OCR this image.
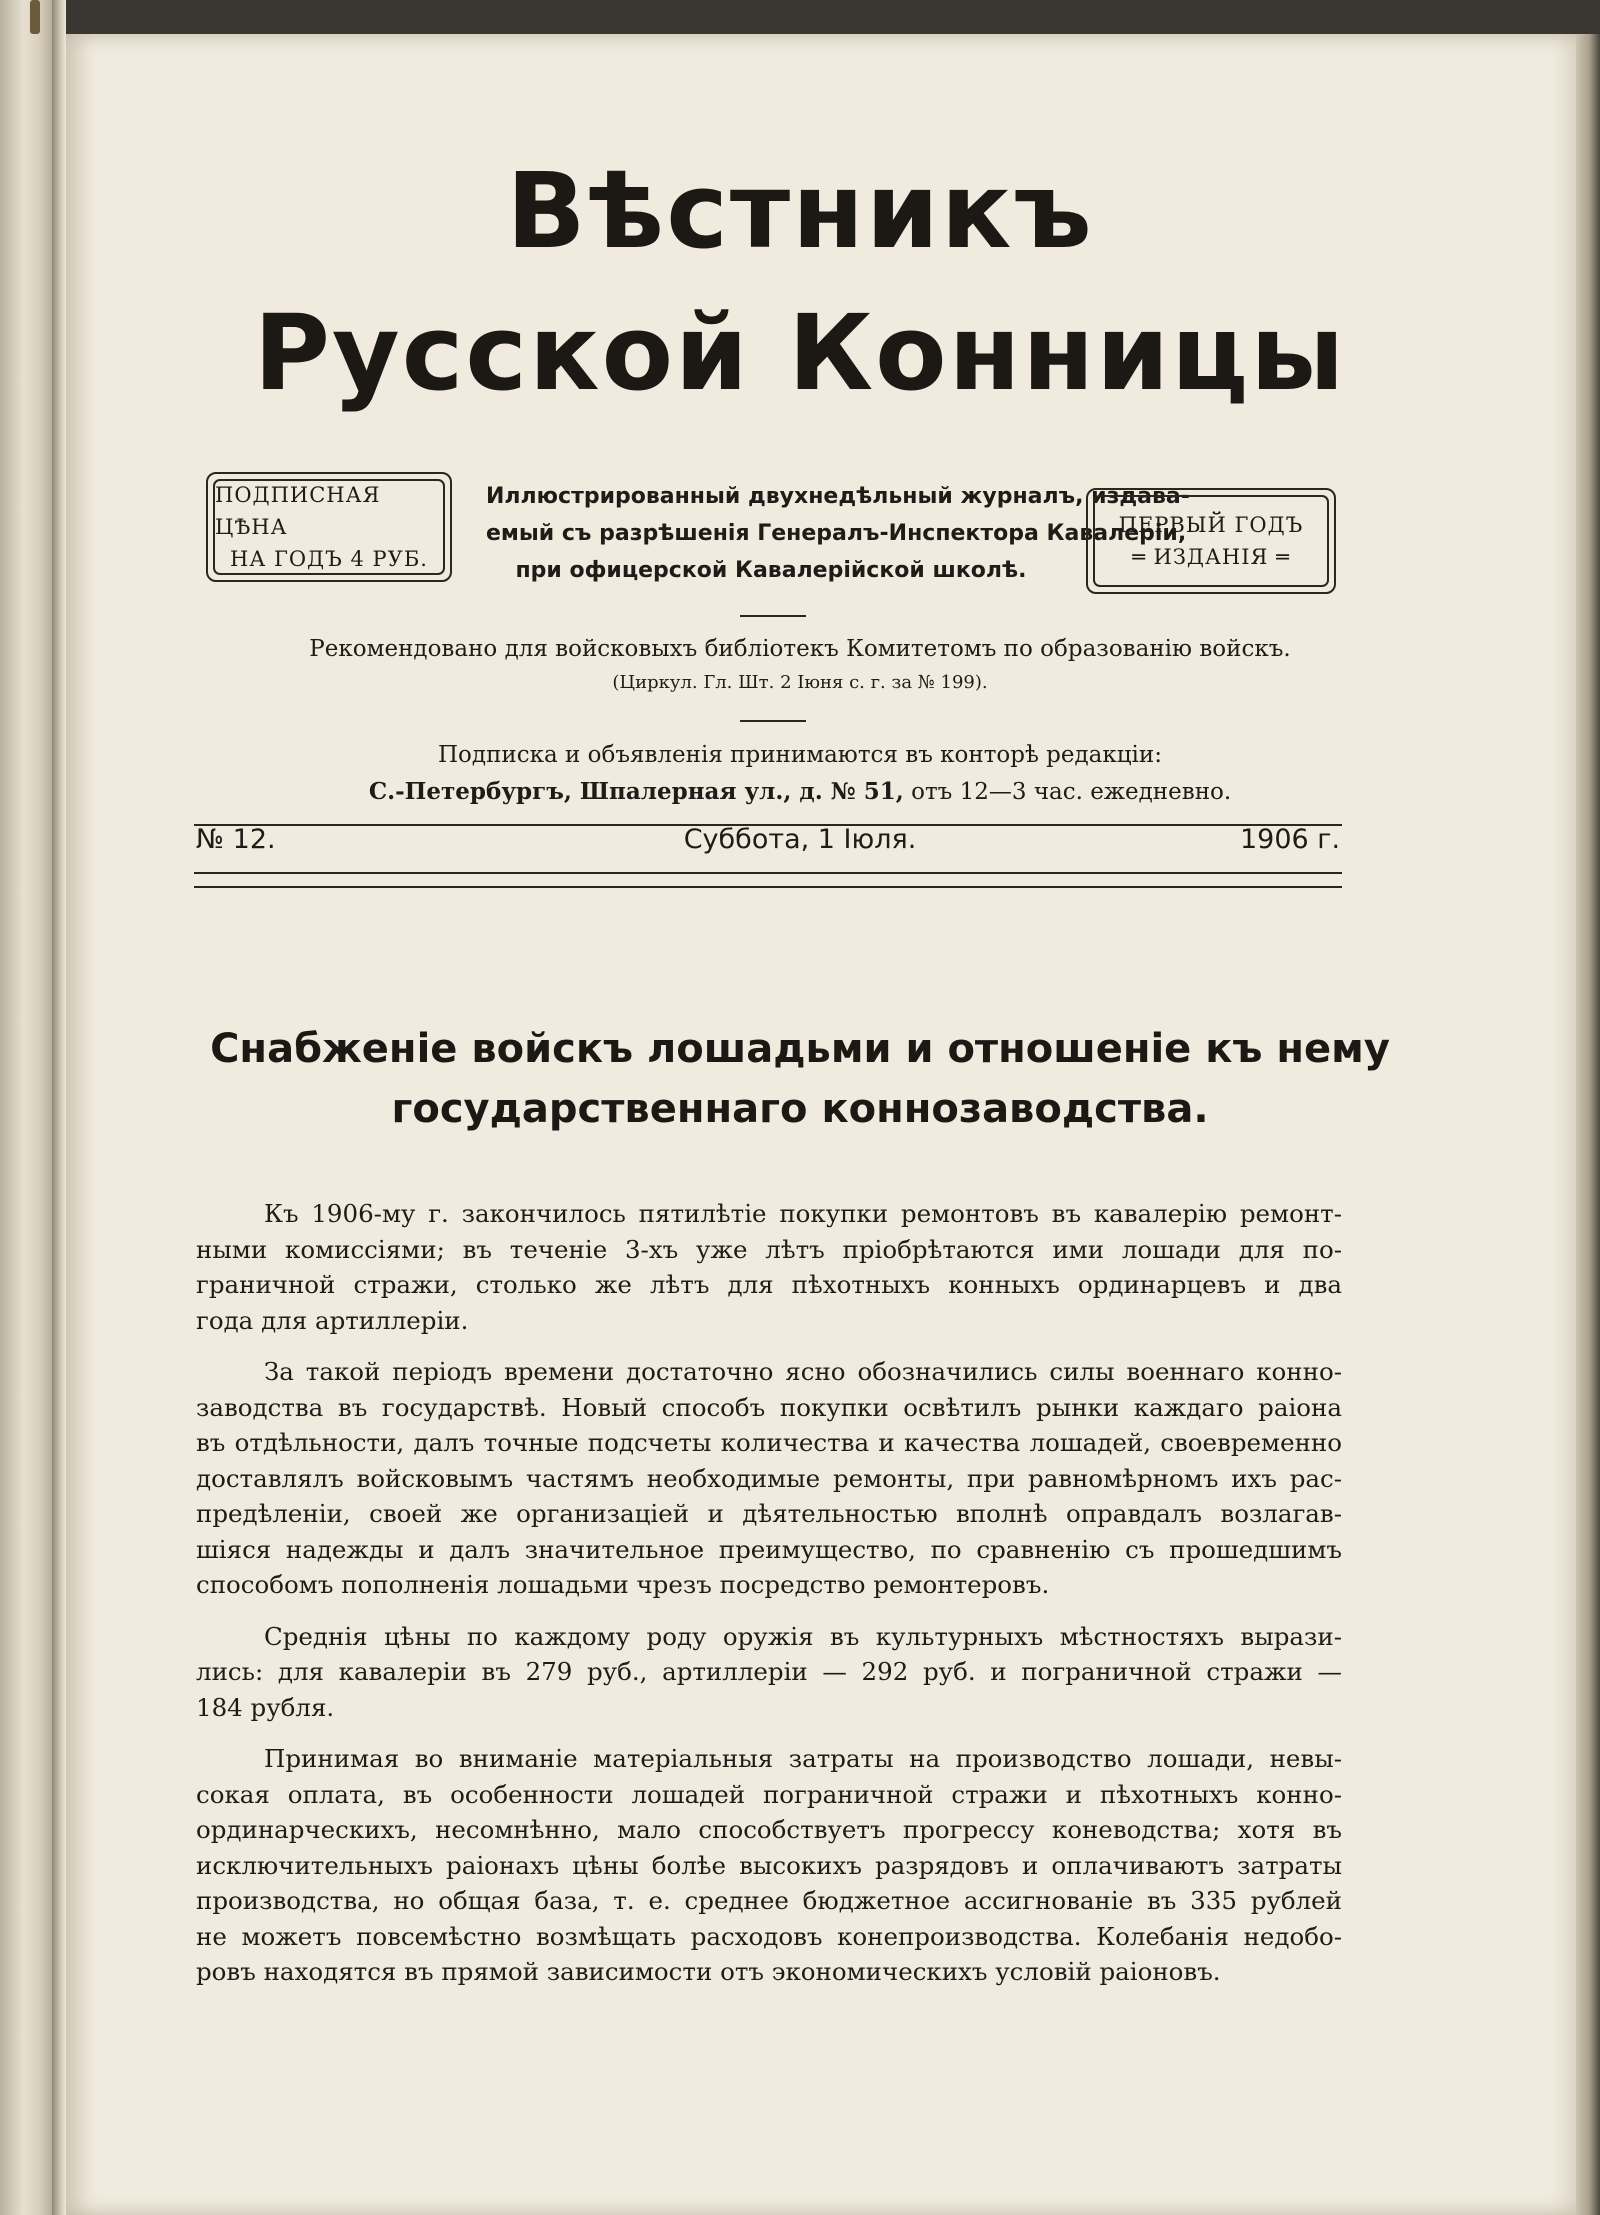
Вѣстникъ
Русской Конницы
ПОДПИСНАЯ ЦѢНА
НА ГОДЪ 4 РУБ.
Иллюстрированный двухнедѣльный журналъ, издава-
емый съ разрѣшенія Генералъ-Инспектора Кавалеріи,
при офицерской Кавалерійской школѣ.
ПЕРВЫЙ ГОДЪ
═ ИЗДАНІЯ ═
Рекомендовано для войсковыхъ библіотекъ Комитетомъ по образованію войскъ.
(Циркул. Гл. Шт. 2 Іюня с. г. за № 199).
Подписка и объявленія принимаются въ конторѣ редакціи:
С.-Петербургъ, Шпалерная ул., д. № 51, отъ 12—3 час. ежедневно.
№ 12.	Суббота, 1 Іюля.	1906 г.
Снабженіе войскъ лошадьми и отношеніе къ нему
государственнаго коннозаводства.
Къ 1906-му г. закончилось пятилѣтіе покупки ремонтовъ въ кавалерію ремонт-
ными комиссіями; въ теченіе 3-хъ уже лѣтъ пріобрѣтаются ими лошади для по-
граничной стражи, столько же лѣтъ для пѣхотныхъ конныхъ ординарцевъ и два
года для артиллеріи.
За такой періодъ времени достаточно ясно обозначились силы военнаго конно-
заводства въ государствѣ. Новый способъ покупки освѣтилъ рынки каждаго раіона
въ отдѣльности, далъ точные подсчеты количества и качества лошадей, своевременно
доставлялъ войсковымъ частямъ необходимые ремонты, при равномѣрномъ ихъ рас-
предѣленіи, своей же организаціей и дѣятельностью вполнѣ оправдалъ возлагав-
шіяся надежды и далъ значительное преимущество, по сравненію съ прошедшимъ
способомъ пополненія лошадьми чрезъ посредство ремонтеровъ.
Среднія цѣны по каждому роду оружія въ культурныхъ мѣстностяхъ вырази-
лись: для кавалеріи въ 279 руб., артиллеріи — 292 руб. и пограничной стражи —
184 рубля.
Принимая во вниманіе матеріальныя затраты на производство лошади, невы-
сокая оплата, въ особенности лошадей пограничной стражи и пѣхотныхъ конно-
ординарческихъ, несомнѣнно, мало способствуетъ прогрессу коневодства; хотя въ
исключительныхъ раіонахъ цѣны болѣе высокихъ разрядовъ и оплачиваютъ затраты
производства, но общая база, т. е. среднее бюджетное ассигнованіе въ 335 рублей
не можетъ повсемѣстно возмѣщать расходовъ конепроизводства. Колебанія недобо-
ровъ находятся въ прямой зависимости отъ экономическихъ условій раіоновъ.
